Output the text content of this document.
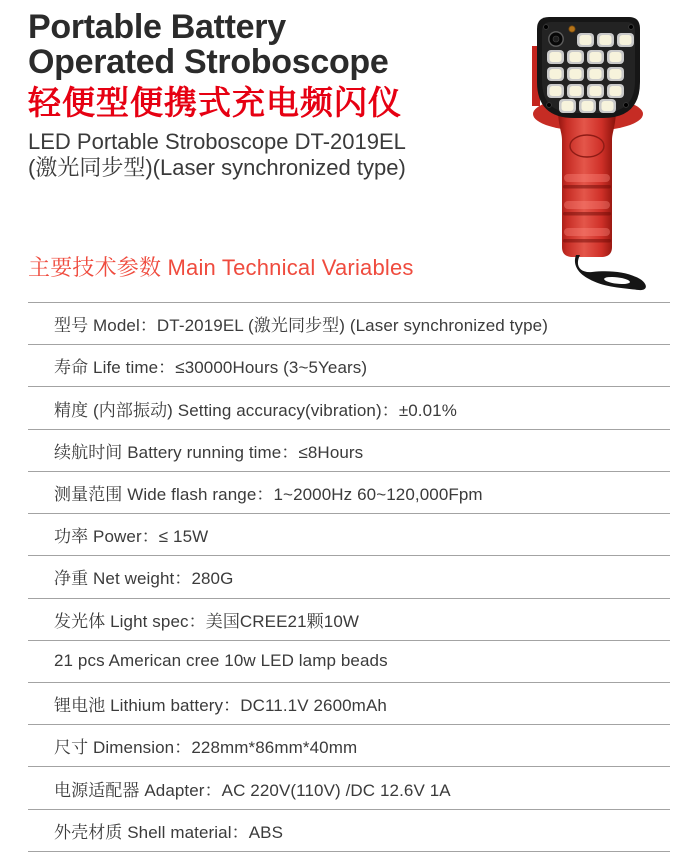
Portable Battery
Operated Stroboscope
轻便型便携式充电频闪仪
LED Portable Stroboscope DT-2019EL
(激光同步型)(Laser synchronized type)
主要技术参数 Main Technical Variables
型号 Model：DT-2019EL (激光同步型) (Laser synchronized type)
寿命 Life time：≤30000Hours (3~5Years)
精度 (内部振动) Setting accuracy(vibration)：±0.01%
续航时间 Battery running time：≤8Hours
测量范围 Wide flash range：1~2000Hz 60~120,000Fpm
功率 Power：≤ 15W
净重 Net weight：280G
发光体 Light spec：美国CREE21颗10W
21 pcs American cree 10w LED lamp beads
锂电池 Lithium battery：DC11.1V 2600mAh
尺寸 Dimension：228mm*86mm*40mm
电源适配器 Adapter：AC 220V(110V) /DC 12.6V 1A
外壳材质 Shell material：ABS
